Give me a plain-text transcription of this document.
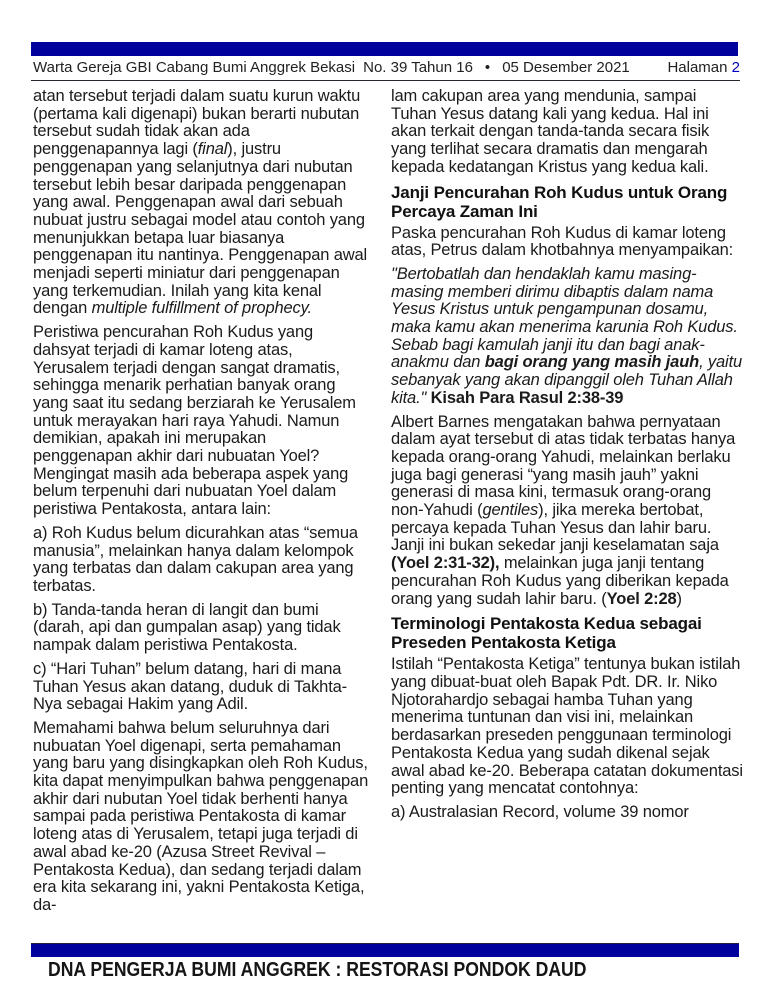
Warta Gereja GBI Cabang Bumi Anggrek Bekasi No. 39 Tahun 16 • 05 Desember 2021	Halaman 2

atan tersebut terjadi dalam suatu kurun waktu (pertama kali digenapi) bukan berarti nubutan tersebut sudah tidak akan ada penggenapannya lagi (final), justru penggenapan yang selanjutnya dari nubutan tersebut lebih besar daripada penggenapan yang awal. Penggenapan awal dari sebuah nubuat justru sebagai model atau contoh yang menunjukkan betapa luar biasanya penggenapan itu nantinya. Penggenapan awal menjadi seperti miniatur dari penggenapan yang terkemudian. Inilah yang kita kenal dengan multiple fulfillment of prophecy.

Peristiwa pencurahan Roh Kudus yang dahsyat terjadi di kamar loteng atas, Yerusalem terjadi dengan sangat dramatis, sehingga menarik perhatian banyak orang yang saat itu sedang berziarah ke Yerusalem untuk merayakan hari raya Yahudi. Namun demikian, apakah ini merupakan penggenapan akhir dari nubuatan Yoel? Mengingat masih ada beberapa aspek yang belum terpenuhi dari nubuatan Yoel dalam peristiwa Pentakosta, antara lain:

a) Roh Kudus belum dicurahkan atas “semua manusia”, melainkan hanya dalam kelompok yang terbatas dan dalam cakupan area yang terbatas.

b) Tanda-tanda heran di langit dan bumi (darah, api dan gumpalan asap) yang tidak nampak dalam peristiwa Pentakosta.

c) “Hari Tuhan” belum datang, hari di mana Tuhan Yesus akan datang, duduk di Takhta-Nya sebagai Hakim yang Adil.

Memahami bahwa belum seluruhnya dari nubuatan Yoel digenapi, serta pemahaman yang baru yang disingkapkan oleh Roh Kudus, kita dapat menyimpulkan bahwa penggenapan akhir dari nubutan Yoel tidak berhenti hanya sampai pada peristiwa Pentakosta di kamar loteng atas di Yerusalem, tetapi juga terjadi di awal abad ke-20 (Azusa Street Revival – Pentakosta Kedua), dan sedang terjadi dalam era kita sekarang ini, yakni Pentakosta Ketiga, da-

lam cakupan area yang mendunia, sampai Tuhan Yesus datang kali yang kedua. Hal ini akan terkait dengan tanda-tanda secara fisik yang terlihat secara dramatis dan mengarah kepada kedatangan Kristus yang kedua kali.

Janji Pencurahan Roh Kudus untuk Orang Percaya Zaman Ini

Paska pencurahan Roh Kudus di kamar loteng atas, Petrus dalam khotbahnya menyampaikan:

"Bertobatlah dan hendaklah kamu masing-masing memberi dirimu dibaptis dalam nama Yesus Kristus untuk pengampunan dosamu, maka kamu akan menerima karunia Roh Kudus. Sebab bagi kamulah janji itu dan bagi anak-anakmu dan bagi orang yang masih jauh, yaitu sebanyak yang akan dipanggil oleh Tuhan Allah kita." Kisah Para Rasul 2:38-39

Albert Barnes mengatakan bahwa pernyataan dalam ayat tersebut di atas tidak terbatas hanya kepada orang-orang Yahudi, melainkan berlaku juga bagi generasi “yang masih jauh” yakni generasi di masa kini, termasuk orang-orang non-Yahudi (gentiles), jika mereka bertobat, percaya kepada Tuhan Yesus dan lahir baru. Janji ini bukan sekedar janji keselamatan saja (Yoel 2:31-32), melainkan juga janji tentang pencurahan Roh Kudus yang diberikan kepada orang yang sudah lahir baru. (Yoel 2:28)

Terminologi Pentakosta Kedua sebagai Preseden Pentakosta Ketiga

Istilah “Pentakosta Ketiga” tentunya bukan istilah yang dibuat-buat oleh Bapak Pdt. DR. Ir. Niko Njotorahardjo sebagai hamba Tuhan yang menerima tuntunan dan visi ini, melainkan berdasarkan preseden penggunaan terminologi Pentakosta Kedua yang sudah dikenal sejak awal abad ke-20. Beberapa catatan dokumentasi penting yang mencatat contohnya:

a) Australasian Record, volume 39 nomor

DNA PENGERJA BUMI ANGGREK : RESTORASI PONDOK DAUD
